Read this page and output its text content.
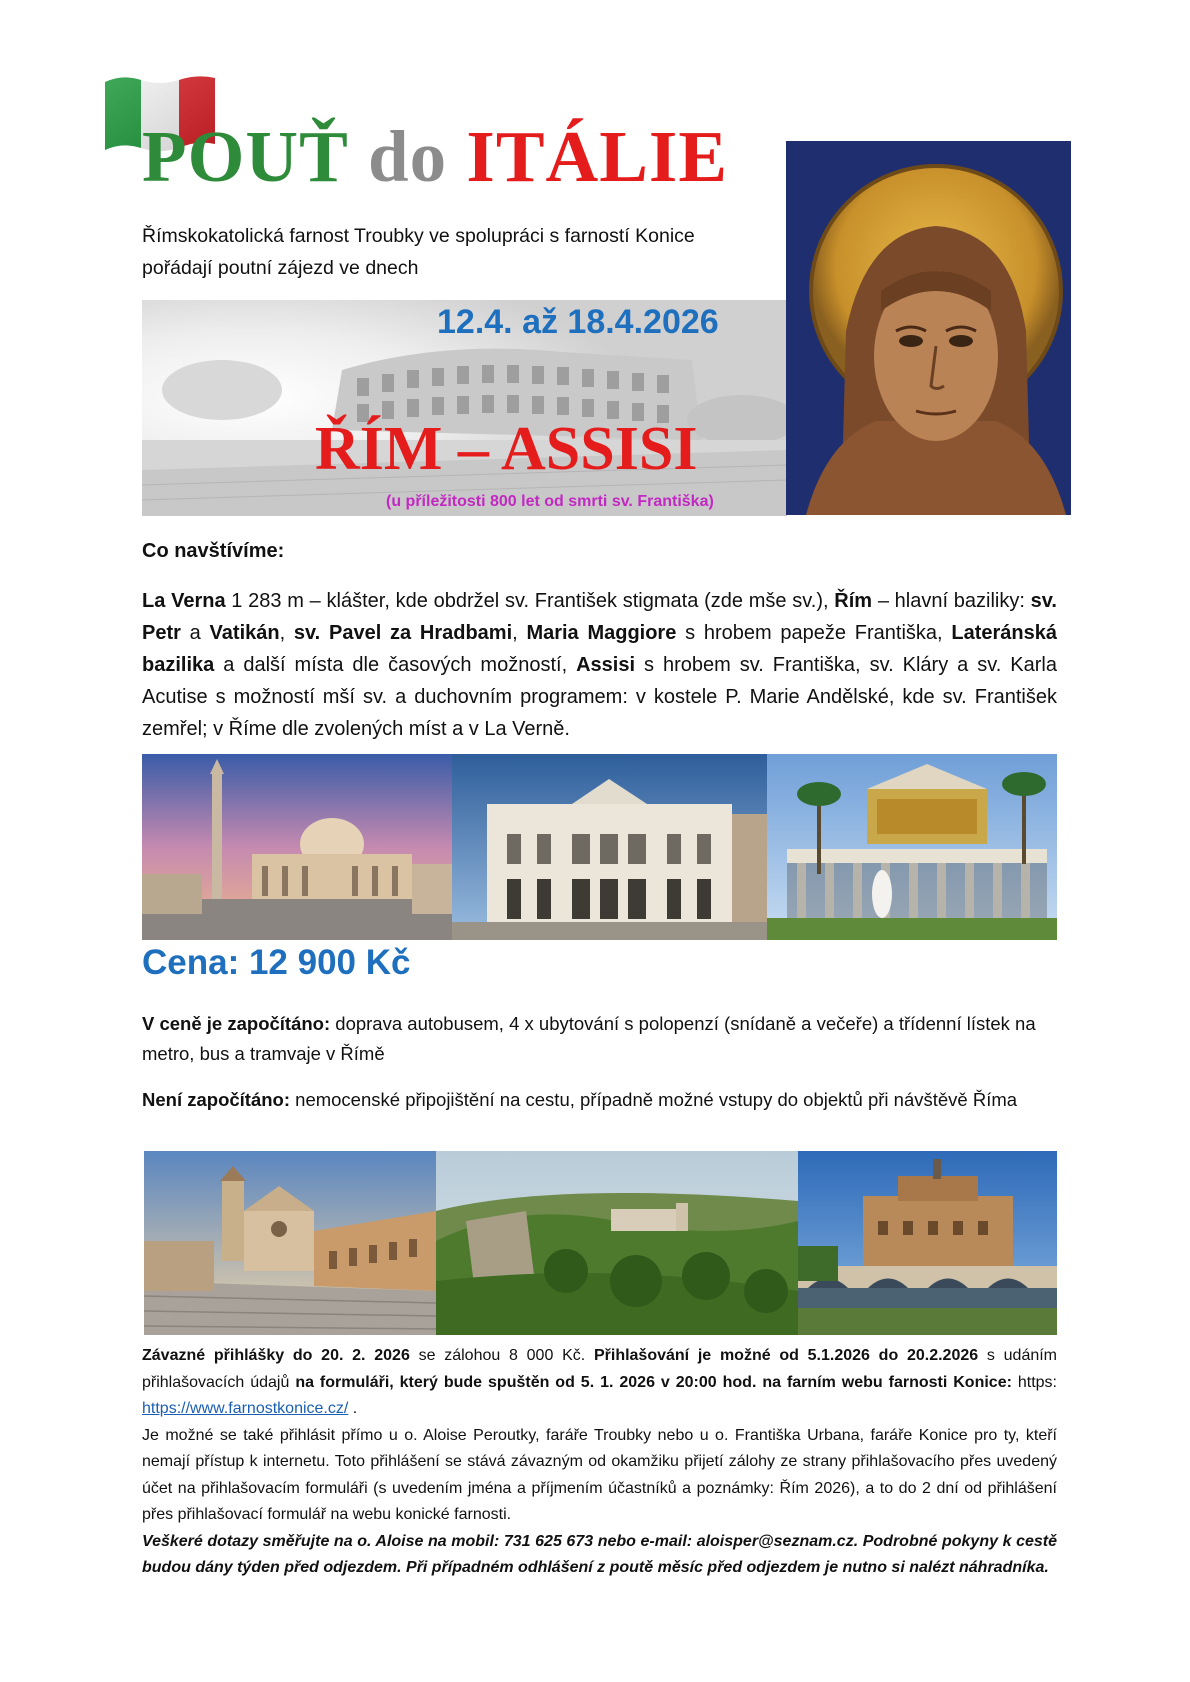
POUŤ do ITÁLIE
Římskokatolická farnost Troubky ve spolupráci s farností Konice
pořádají poutní zájezd ve dnech
12.4. až 18.4.2026
ŘÍM – ASSISI
(u příležitosti 800 let od smrti sv. Františka)
Co navštívíme:
La Verna 1 283 m – klášter, kde obdržel sv. František stigmata (zde mše sv.), Řím – hlavní baziliky: sv. Petr a Vatikán, sv. Pavel za Hradbami, Maria Maggiore s hrobem papeže Františka, Lateránská bazilika a další místa dle časových možností, Assisi s hrobem sv. Františka, sv. Kláry a sv. Karla Acutise s možností mší sv. a duchovním programem: v kostele P. Marie Andělské, kde sv. František zemřel; v Říme dle zvolených míst a v La Verně.
Cena: 12 900 Kč
V ceně je započítáno: doprava autobusem, 4 x ubytování s polopenzí (snídaně a večeře) a třídenní lístek na metro, bus a tramvaje v Římě
Není započítáno: nemocenské připojištění na cestu, případně možné vstupy do objektů při návštěvě Říma
Závazné přihlášky do 20. 2. 2026 se zálohou 8 000 Kč. Přihlašování je možné od 5.1.2026 do 20.2.2026 s udáním přihlašovacích údajů na formuláři, který bude spuštěn od 5. 1. 2026 v 20:00 hod. na farním webu farnosti Konice: https: https://www.farnostkonice.cz/ .
Je možné se také přihlásit přímo u o. Aloise Peroutky, faráře Troubky nebo u o. Františka Urbana, faráře Konice pro ty, kteří nemají přístup k internetu. Toto přihlášení se stává závazným od okamžiku přijetí zálohy ze strany přihlašovacího přes uvedený účet na přihlašovacím formuláři (s uvedením jména a příjmením účastníků a poznámky: Řím 2026), a to do 2 dní od přihlášení přes přihlašovací formulář na webu konické farnosti.
Veškeré dotazy směřujte na o. Aloise na mobil: 731 625 673 nebo e-mail: aloisper@seznam.cz. Podrobné pokyny k cestě budou dány týden před odjezdem. Při případném odhlášení z poutě měsíc před odjezdem je nutno si nalézt náhradníka.
